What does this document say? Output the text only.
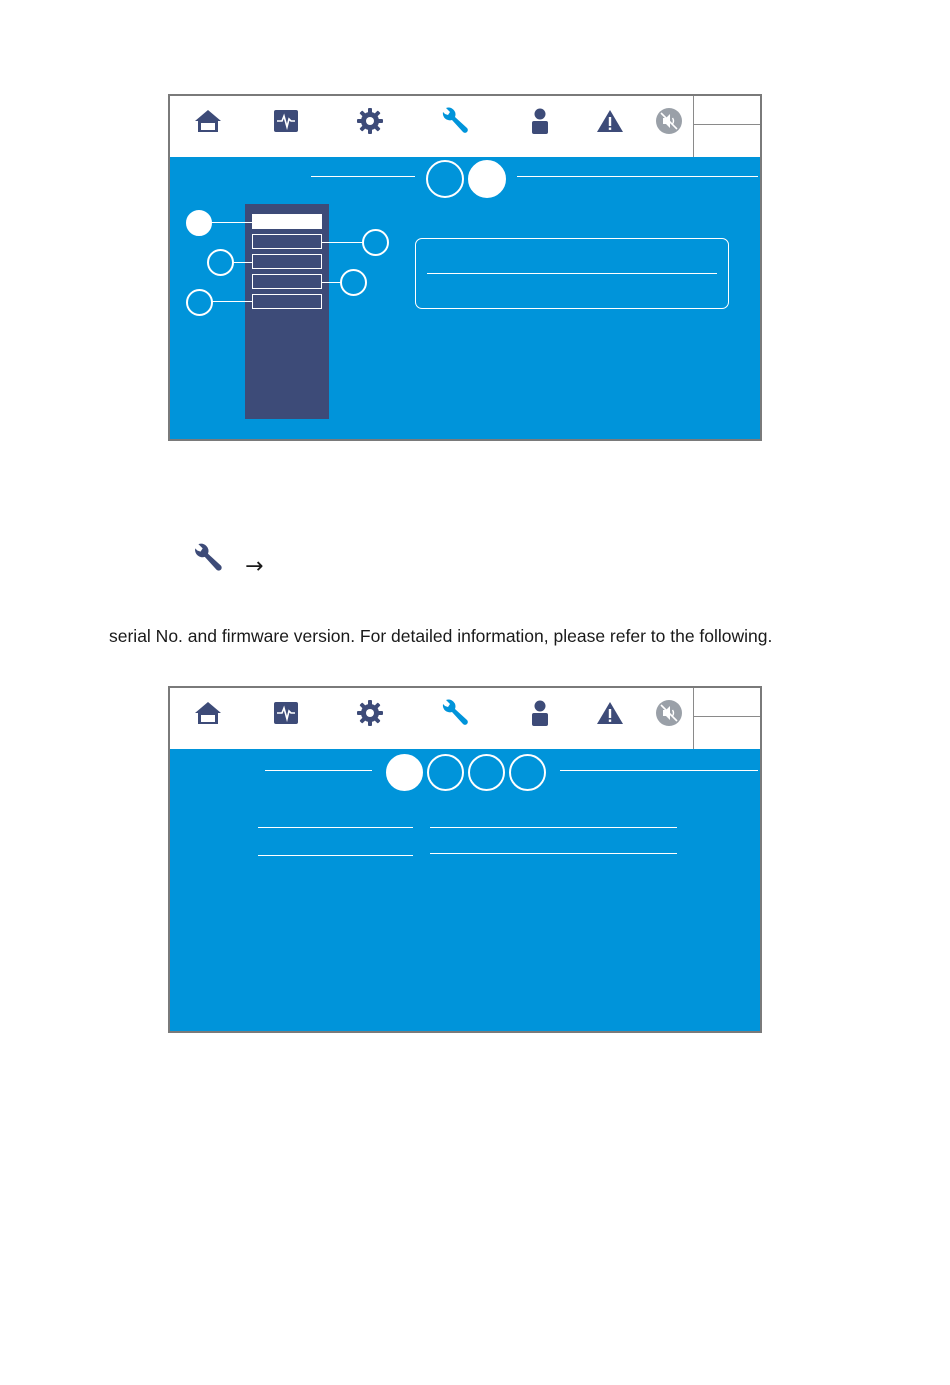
→
serial No. and firmware version. For detailed information, please refer to the following.
